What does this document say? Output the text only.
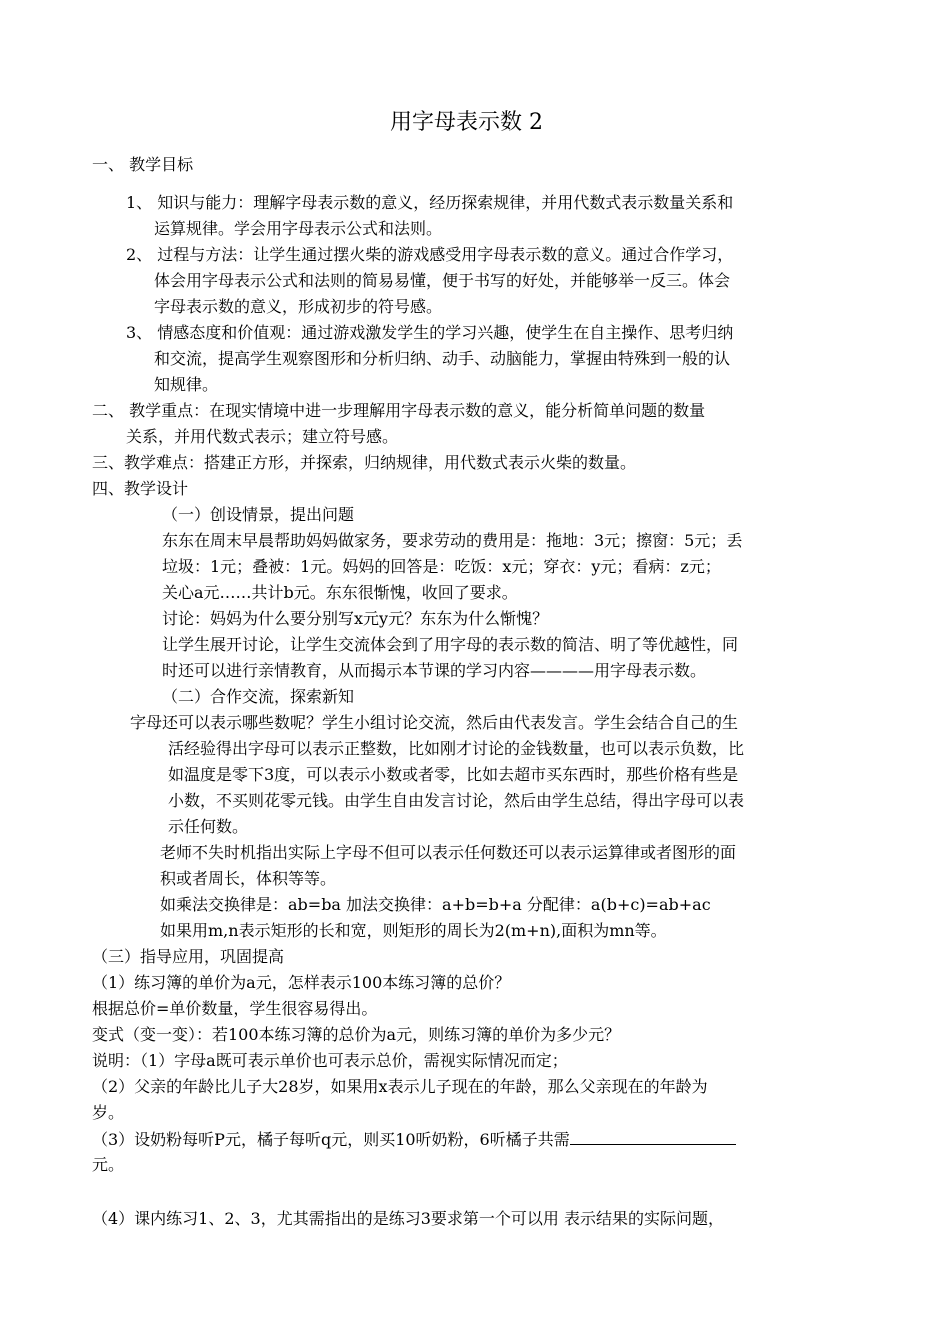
用字母表示数 2
一、 教学目标
1、 知识与能力：理解字母表示数的意义，经历探索规律，并用代数式表示数量关系和
运算规律。学会用字母表示公式和法则。
2、 过程与方法：让学生通过摆火柴的游戏感受用字母表示数的意义。通过合作学习，
体会用字母表示公式和法则的简易易懂，便于书写的好处，并能够举一反三。体会
字母表示数的意义，形成初步的符号感。
3、 情感态度和价值观：通过游戏激发学生的学习兴趣，使学生在自主操作、思考归纳
和交流，提高学生观察图形和分析归纳、动手、动脑能力，掌握由特殊到一般的认
知规律。
二、 教学重点：在现实情境中进一步理解用字母表示数的意义，能分析简单问题的数量
关系，并用代数式表示；建立符号感。
三、教学难点：搭建正方形，并探索，归纳规律，用代数式表示火柴的数量。
四、教学设计
（一）创设情景，提出问题
东东在周末早晨帮助妈妈做家务，要求劳动的费用是：拖地：3元；擦窗：5元；丢
垃圾：1元；叠被：1元。妈妈的回答是：吃饭：x元；穿衣：y元；看病：z元；
关心a元……共计b元。东东很惭愧，收回了要求。
讨论：妈妈为什么要分别写x元y元？东东为什么惭愧？
让学生展开讨论，让学生交流体会到了用字母的表示数的简洁、明了等优越性，同
时还可以进行亲情教育，从而揭示本节课的学习内容————用字母表示数。
（二）合作交流，探索新知
字母还可以表示哪些数呢？学生小组讨论交流，然后由代表发言。学生会结合自己的生
活经验得出字母可以表示正整数，比如刚才讨论的金钱数量，也可以表示负数，比
如温度是零下3度，可以表示小数或者零，比如去超市买东西时，那些价格有些是
小数，不买则花零元钱。由学生自由发言讨论，然后由学生总结，得出字母可以表
示任何数。
老师不失时机指出实际上字母不但可以表示任何数还可以表示运算律或者图形的面
积或者周长，体积等等。
如乘法交换律是：ab=ba 加法交换律：a+b=b+a 分配律：a(b+c)=ab+ac
如果用m,n表示矩形的长和宽，则矩形的周长为2(m+n),面积为mn等。
（三）指导应用，巩固提高
（1）练习簿的单价为a元，怎样表示100本练习簿的总价？
根据总价=单价数量，学生很容易得出。
变式（变一变）：若100本练习簿的总价为a元，则练习簿的单价为多少元？
说明：（1）字母a既可表示单价也可表示总价，需视实际情况而定；
（2）父亲的年龄比儿子大28岁，如果用x表示儿子现在的年龄，那么父亲现在的年龄为
岁。
（3）设奶粉每听P元，橘子每听q元，则买10听奶粉，6听橘子共需
元。
（4）课内练习1、2、3，尤其需指出的是练习3要求第一个可以用 表示结果的实际问题，
